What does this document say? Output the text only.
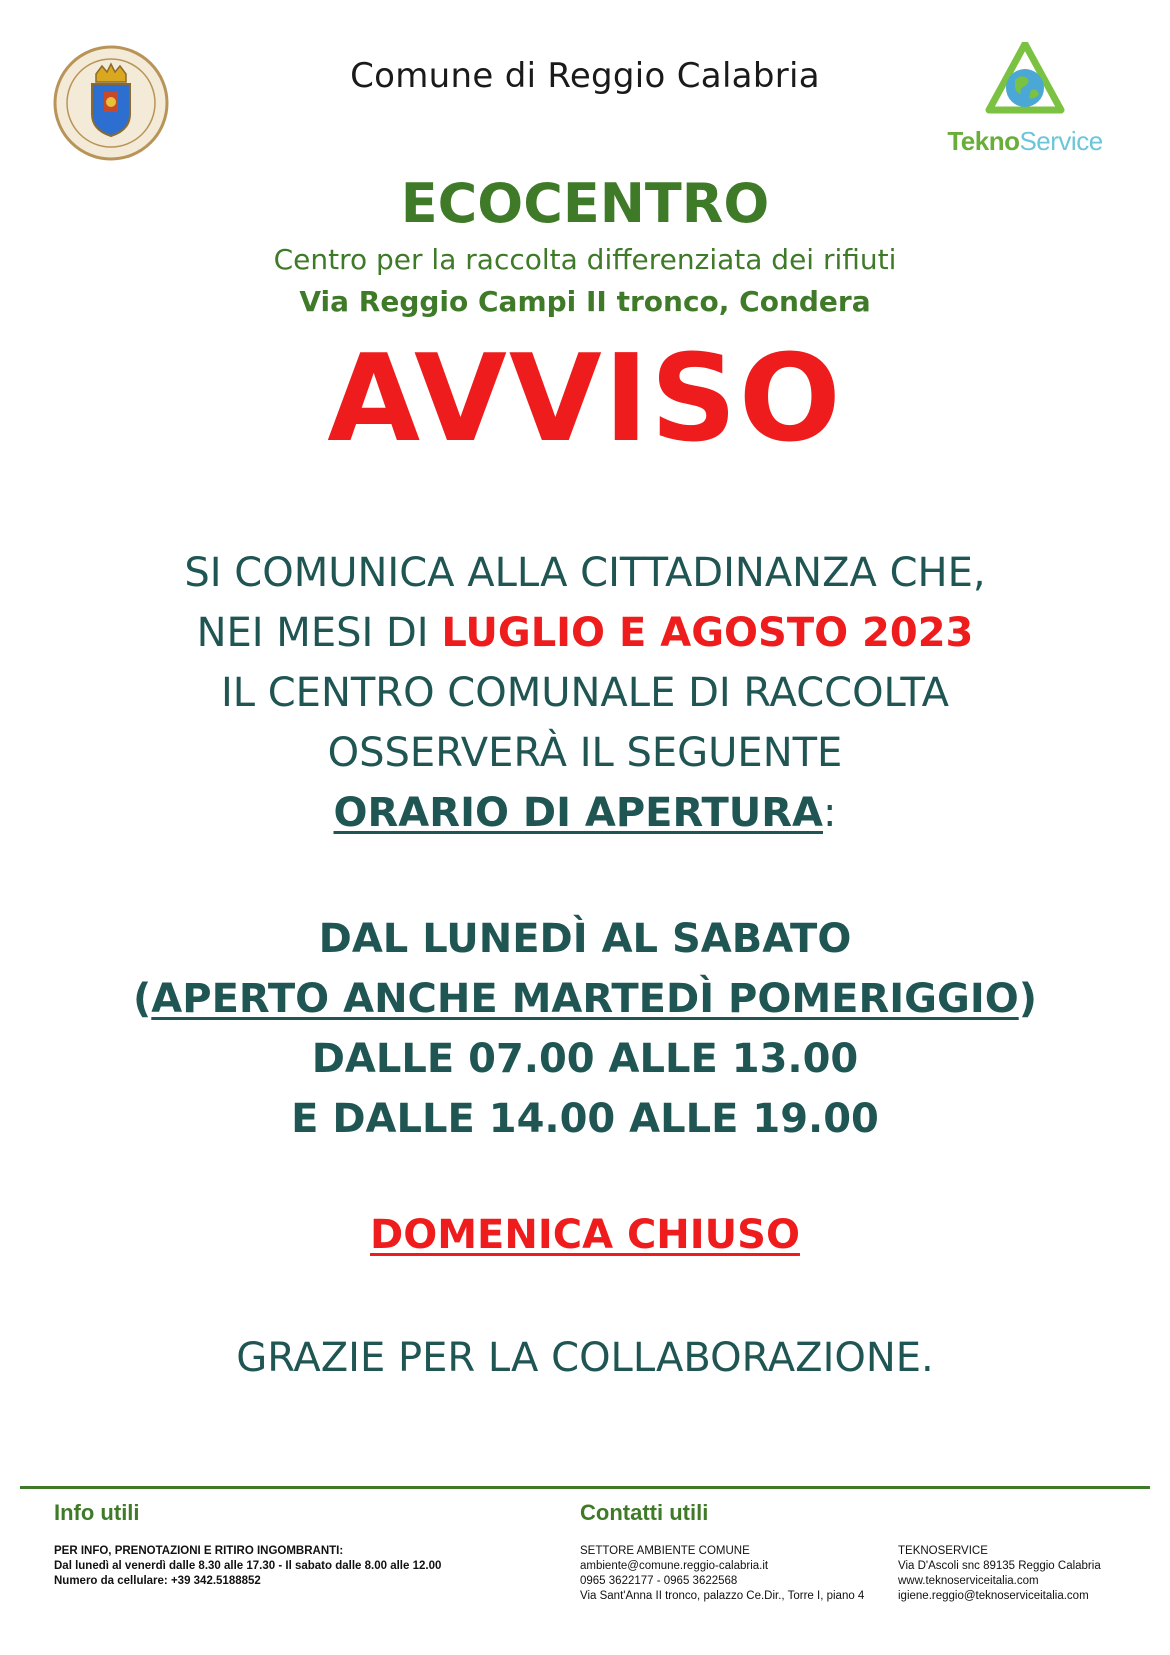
Comune di Reggio Calabria
TeknoService
ECOCENTRO
Centro per la raccolta differenziata dei rifiuti
Via Reggio Campi II tronco, Condera
AVVISO
SI COMUNICA ALLA CITTADINANZA CHE,
NEI MESI DI LUGLIO E AGOSTO 2023
IL CENTRO COMUNALE DI RACCOLTA
OSSERVERÀ IL SEGUENTE
ORARIO DI APERTURA:
DAL LUNEDÌ AL SABATO
(APERTO ANCHE MARTEDÌ POMERIGGIO)
DALLE 07.00 ALLE 13.00
E DALLE 14.00 ALLE 19.00
DOMENICA CHIUSO
GRAZIE PER LA COLLABORAZIONE.
Info utili
PER INFO, PRENOTAZIONI E RITIRO INGOMBRANTI:
Dal lunedì al venerdì dalle 8.30 alle 17.30 - Il sabato dalle 8.00 alle 12.00
Numero da cellulare: +39 342.5188852
Contatti utili
SETTORE AMBIENTE COMUNE
ambiente@comune.reggio-calabria.it
0965 3622177 - 0965 3622568
Via Sant'Anna II tronco, palazzo Ce.Dir., Torre I, piano 4
TEKNOSERVICE
Via D'Ascoli snc 89135 Reggio Calabria
www.teknoserviceitalia.com
igiene.reggio@teknoserviceitalia.com
